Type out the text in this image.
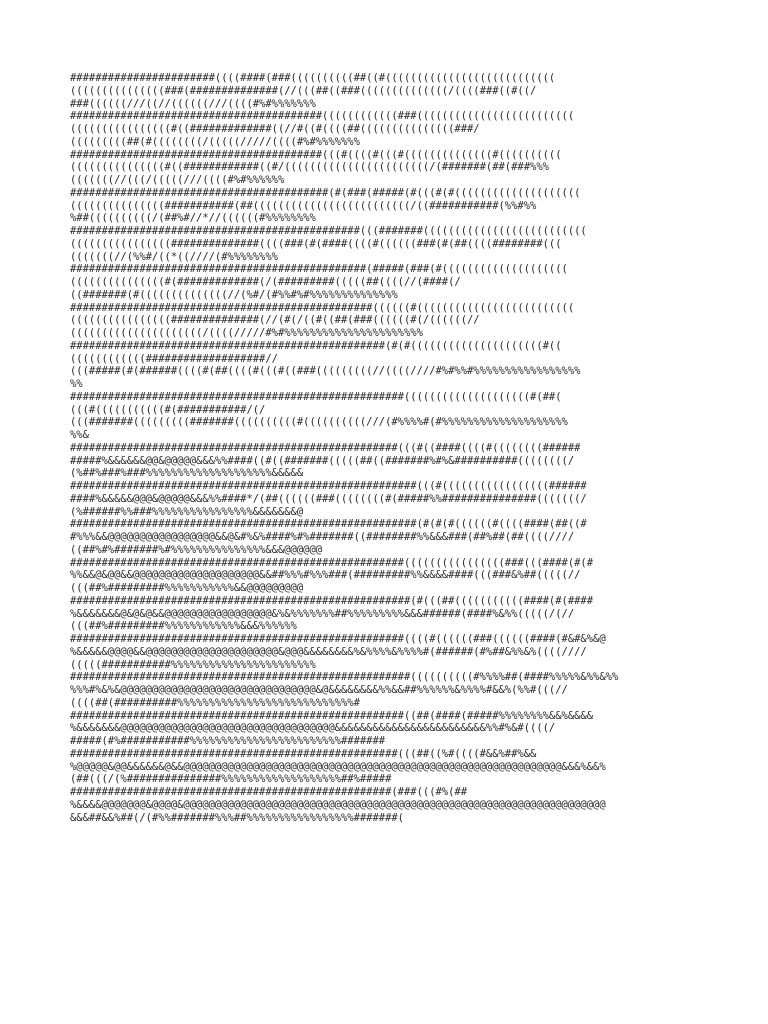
#######################((((####(###((((((((((##((#(((((((((((((((((((((((((((
(((((((((((((((###(##############(//(((##((###((((((((((((((/((((###((#((/
###((((((///((//((((((///((((#%#%%%%%%%
########################################((((((((((((###(((((((((((((((((((((((((
((((((((((((((((#((#############((//#((#((((##(((((((((((((((###/
(((((((((##(#((((((((/(((((/////((((#%#%%%%%%%
########################################(((#((((#(((#((((((((((((((#((((((((((
(((((((((((((((#((############((#/(((((((((((((((((((((((/(#######(##(###%%%
(((((((//(((/(((((///((((#%#%%%%%%
#########################################(#(###(#####(#(((#(#((((((((((((((((((((
(((((((((((((((###########(##(((((((((((((((((((((((((/((###########(%%#%%
%##((((((((((/(##%#//*//((((((#%%%%%%%%
##############################################(((#######((((((((((((((((((((((((((
((((((((((((((((##############((((###(#(####((((#((((((###(#(##((((########(((
(((((((//(%%#/((*((////(#%%%%%%%%
###############################################(#####(###(#((((((((((((((((((((
(((((((((((((((#(#############(/(#########(((((##((((//(####(/
((#######(#((((((((((((((//(%#/(#%%#%#%%%%%%%%%%%%%%
################################################((((((#(((((((((((((((((((((((((
((((((((((((((((##############(//(#(/((#((##(###((((((#(/((((((//
(((((((((((((((((((((/((((/////#%#%%%%%%%%%%%%%%%%%%%%%%
##################################################(#(#(((((((((((((((((((((#((
((((((((((((###################//
(((#####(#(######((((#(##((((#(((#((###(((((((((//((((////#%#%%#%%%%%%%%%%%%%%%%%
%%
#####################################################((((((((((((((((((((#(##(
(((#(((((((((((#(###########/(/
(((#######(((((((((#######((((((((((#((((((((((///(#%%%%#(#%%%%%%%%%%%%%%%%%%%%
%%&
####################################################(((#((####((((#((((((((######
#####%&&&&&&@@&@@@@@&&&%%####((#((#######(((((##((#######%#%&##########((((((((/
(%##%###%###%%%%%%%%%%%%%%%%%%%%&&&&&
#######################################################(((#(((((((((((((((((######
####%&&&&&@@@&@@@@@&&&%%####*/(##((((((###((((((((#(#####%%###############(((((((/
(%######%%###%%%%%%%%%%%%%%%%&&&&&&&@
#######################################################(#(#(#((((((#((((####(##((#
#%%%&&@@@@@@@@@@@@@@@@@&&@&#%&%####%#%#######((########%%&&&###(##%##(##((((////
((##%#%#######%#%%%%%%%%%%%%%%%&&&@@@@@@
#####################################################((((((((((((((((###(((####(#(#
%%&&@&@@&&@@@@@@@@@@@@@@@@@@@@&&##%%%#%%%###(#########%%&&&&####(((###&%##(((((//
(((##%#########%%%%%%%%%%%&&@@@@@@@@@
######################################################(#(((##(((((((((((####(#(####
%&&&&&&&@&@&@&&@@@@@@@@@@@@@@@@@&%&%%%%%%%##%%%%%%%%%&&&######(####%&%%(((((/(//
(((##%#########%%%%%%%%%%%%&&&%%%%%%
#####################################################((((#((((((###((((((####(#&#&%&@
%&&&&&@@@@&&@@@@@@@@@@@@@@@@@@@@@&@@@&&&&&&&&%&%%%%&%%%%#(######(#%##&%%&%((((////
(((((###########%%%%%%%%%%%%%%%%%%%%%%%
######################################################((((((((((#%%%%##(####%%%%%&%%&%%
%%%#%&%&@@@@@@@@@@@@@@@@@@@@@@@@@@@@@@@&@&&&&&&&&%%&&##%%%%%%&%%%%#&&%(%%#(((//
((((##(##########%%%%%%%%%%%%%%%%%%%%%%%%%%%%#
#####################################################((##(####(#####%%%%%%%%&&%&&&&
%&&&&&&&@@@@@@@@@@@@@@@@@@@@@@@@@@@@@@@@@@&&&&&&&&&&&&&&&&&&&&&&&&%%#%&#((((/
#####(#%###########%%%%%%%%%%%%%%%%%%%%%%%%#######
####################################################(((##((%#((((#&&%##%&&
%@@@@@&@@&&&&&&@&&@@@@@@@@@@@@@@@@@@@@@@@@@@@@@@@@@@@@@@@@@@@@@@@@@@@@@@@@@@@@&&&%&&%
(##(((/(%###############%%%%%%%%%%%%%%%%%%%##%#####
###################################################(###(((#%(##
%&&&&@@@@@@@&@@@@&@@@@@@@@@@@@@@@@@@@@@@@@@@@@@@@@@@@@@@@@@@@@@@@@@@@@@@@@@@@@@@@@@@@
&&&##&&%##(/(#%%#######%%%##%%%%%%%%%%%%%%%%%#######(
